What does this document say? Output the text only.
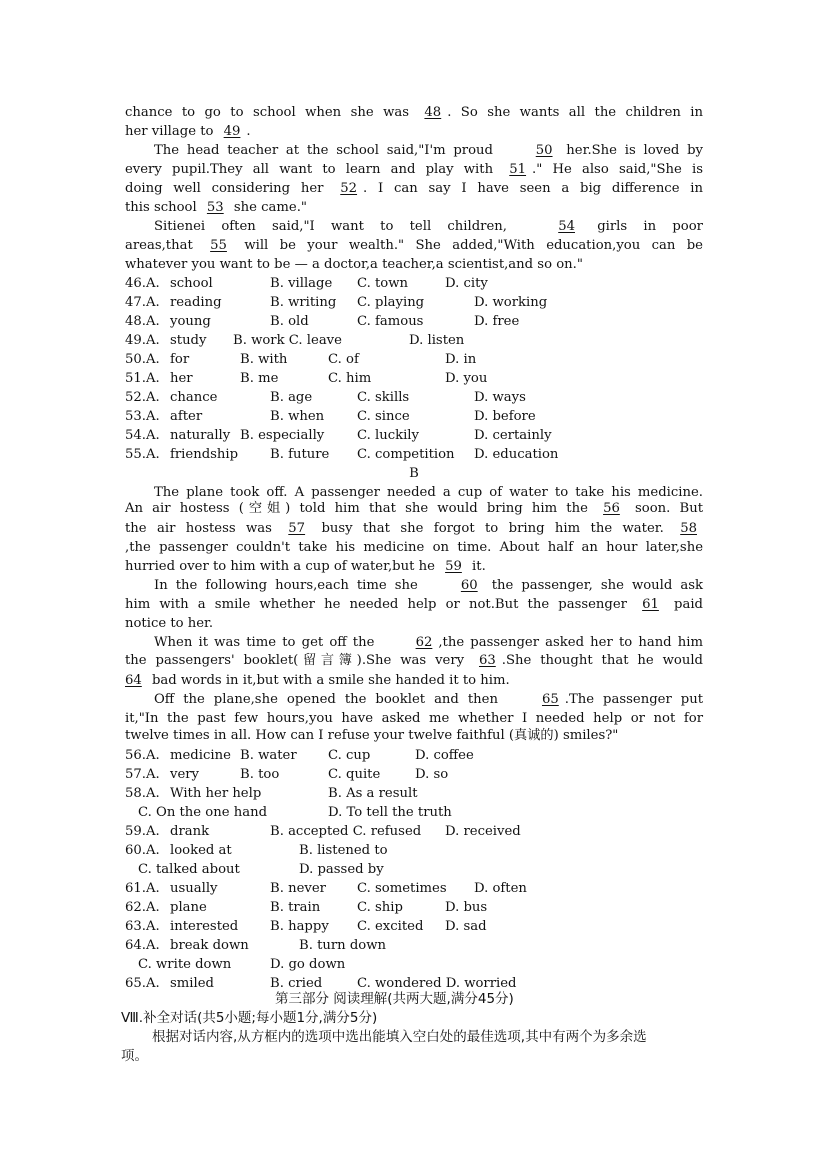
chance to go to school when she was 48 . So she wants all the children in
her village to 49 .
The head teacher at the school said,"I'm proud	50 her.She is loved by
every pupil.They all want to learn and play with 51 ." He also said,"She is
doing well considering her 52 . I can say I have seen a big difference in
this school 53 she came."
Sitienei often said,"I want to tell children,	54 girls in poor
areas,that 55 will be your wealth." She added,"With education,you can be
whatever you want to be — a doctor,a teacher,a scientist,and so on."
46.A. school	B. village C. town	D. city
47.A. reading	B. writing C. playing	D. working
48.A. young	B. old	C. famous	D. free
49.A. study B. work C. leave	D. listen
50.A. for	B. with	C. of	D. in
51.A. her	B. me	C. him	D. you
52.A. chance	B. age	C. skills	D. ways
53.A. after	B. when C. since	D. before
54.A. naturally B. especially C. luckily	D. certainly
55.A. friendship B. future C. competition D. education
B
The plane took off. A passenger needed a cup of water to take his medicine.
An air hostess (空姐) told him that she would bring him the 56 soon. But
the air hostess was 57 busy that she forgot to bring him the water. 58
,the passenger couldn't take his medicine on time. About half an hour later,she
hurried over to him with a cup of water,but he 59 it.
In the following hours,each time she	60 the passenger, she would ask
him with a smile whether he needed help or not.But the passenger 61 paid
notice to her.
When it was time to get off the	62 ,the passenger asked her to hand him
the passengers' booklet(留言簿).She was very 63 .She thought that he would
64 bad words in it,but with a smile she handed it to him.
Off the plane,she opened the booklet and then	65 .The passenger put
it,"In the past few hours,you have asked me whether I needed help or not for
twelve times in all. How can I refuse your twelve faithful (真诚的) smiles?"
56.A. medicine B. water C. cup	D. coffee
57.A. very	B. too	C. quite	D. so
58.A. With her help	B. As a result
C. On the one hand	D. To tell the truth
59.A. drank	B. accepted C. refused D. received
60.A. looked at	B. listened to
C. talked about	D. passed by
61.A. usually	B. never C. sometimes D. often
62.A. plane	B. train	C. ship	D. bus
63.A. interested B. happy C. excited D. sad
64.A. break down	B. turn down
C. write down	D. go down
65.A. smiled	B. cried	C. wondered D. worried
第三部分 阅读理解(共两大题,满分45分)
Ⅷ.补全对话(共5小题;每小题1分,满分5分)
根据对话内容,从方框内的选项中选出能填入空白处的最佳选项,其中有两个为多余选
项。
